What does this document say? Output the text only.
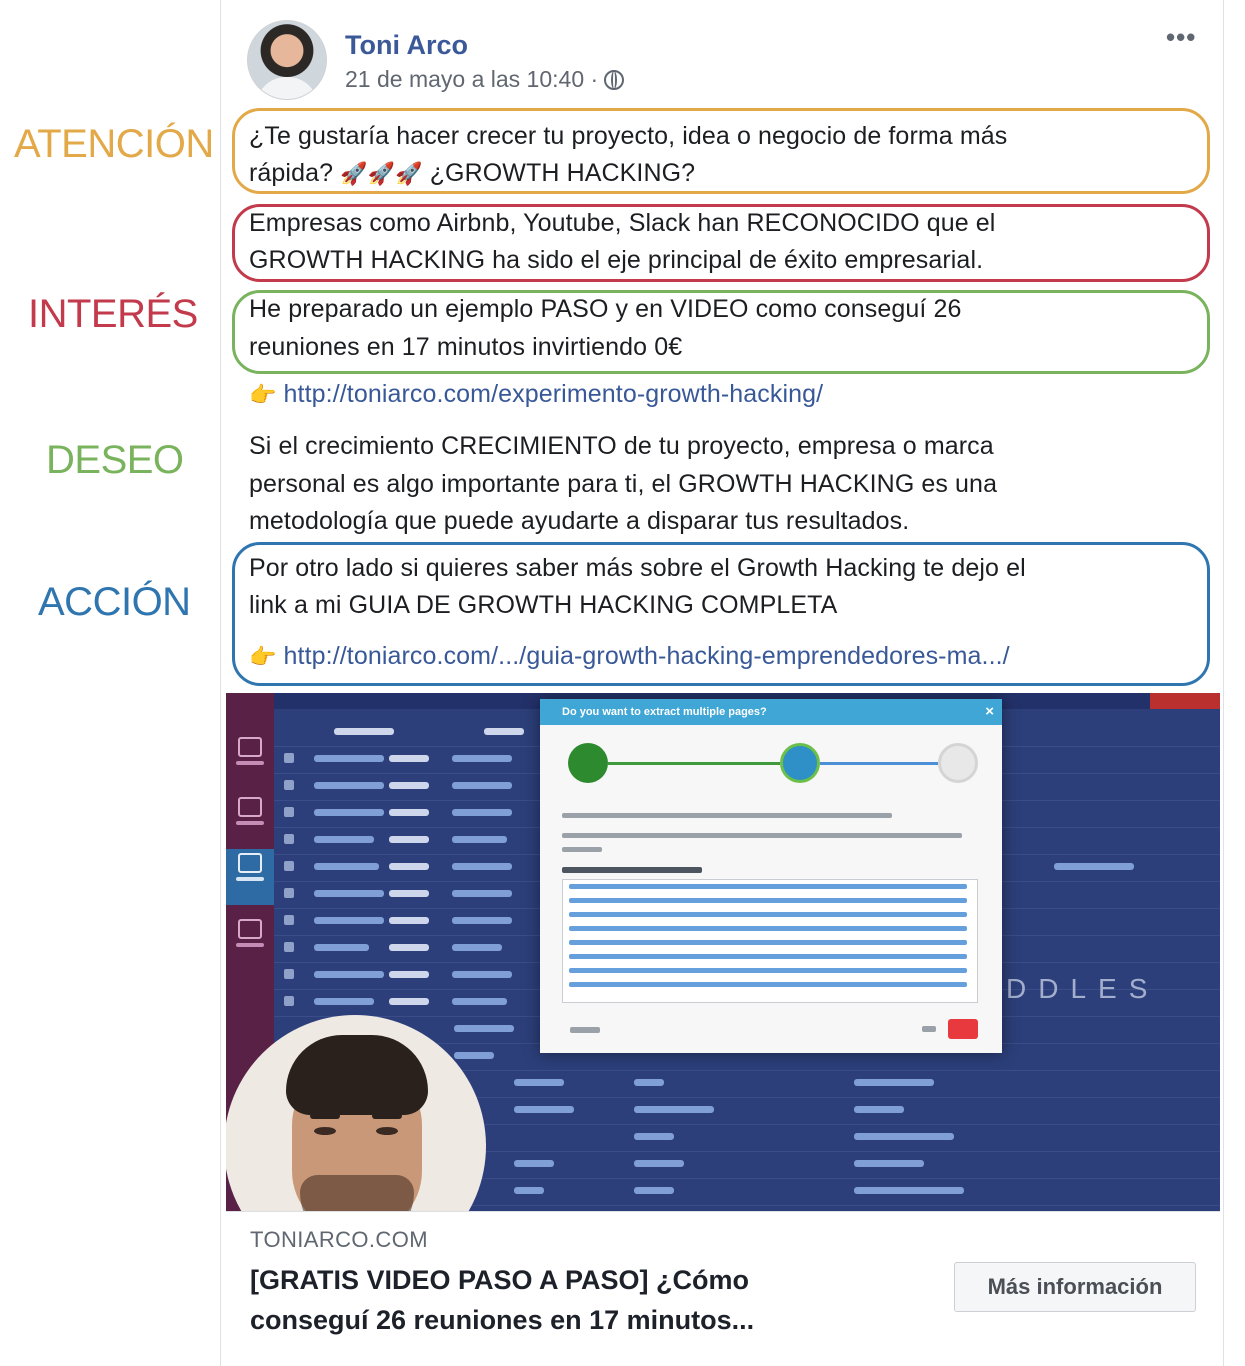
ATENCIÓN
INTERÉS
DESEO
ACCIÓN
Toni Arco
21 de mayo a las 10:40 ·
•••
¿Te gustaría hacer crecer tu proyecto, idea o negocio de forma más
rápida? 🚀🚀🚀 ¿GROWTH HACKING?
Empresas como Airbnb, Youtube, Slack han RECONOCIDO que el
GROWTH HACKING ha sido el eje principal de éxito empresarial.
He preparado un ejemplo PASO y en VIDEO como conseguí 26
reuniones en 17 minutos invirtiendo 0€
👉 http://toniarco.com/experimento-growth-hacking/
Si el crecimiento CRECIMIENTO de tu proyecto, empresa o marca
personal es algo importante para ti, el GROWTH HACKING es una
metodología que puede ayudarte a disparar tus resultados.
Por otro lado si quieres saber más sobre el Growth Hacking te dejo el
link a mi GUIA DE GROWTH HACKING COMPLETA
👉 http://toniarco.com/.../guia-growth-hacking-emprendedores-ma.../
DDLES
Do you want to extract multiple pages?	×
TONIARCO.COM
[GRATIS VIDEO PASO A PASO] ¿Cómo
conseguí 26 reuniones en 17 minutos...
Más información
